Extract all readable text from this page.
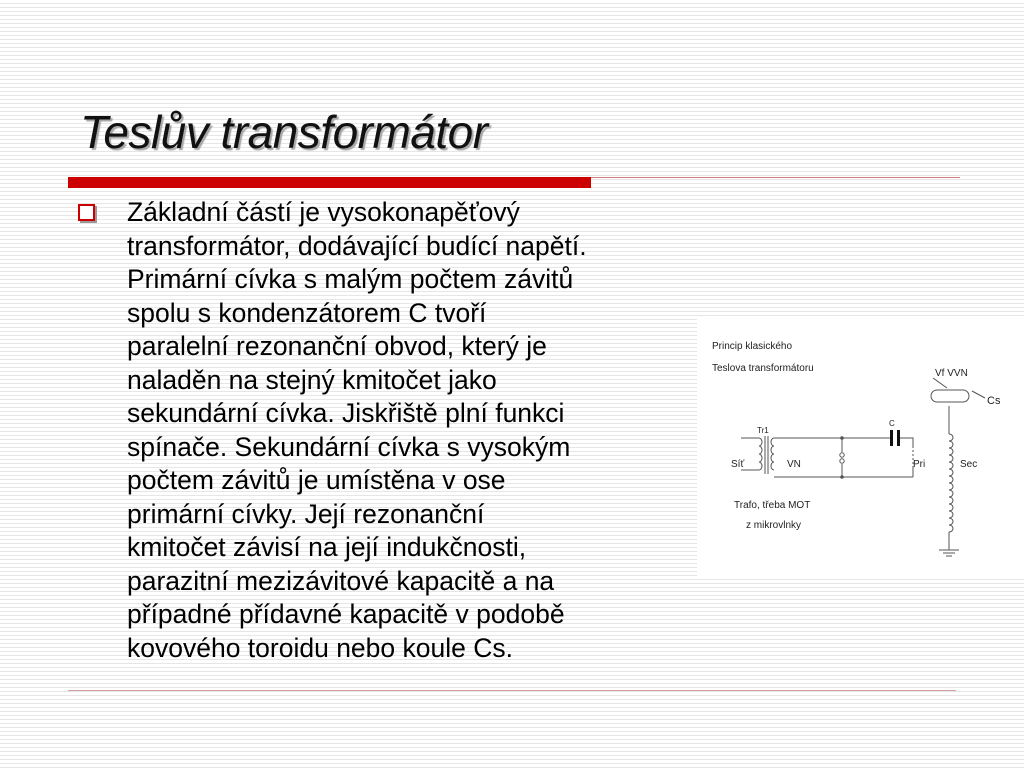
Teslův transformátor

Základní částí je vysokonapěťový
transformátor, dodávající budící napětí.
Primární cívka s malým počtem závitů
spolu s kondenzátorem C tvoří
paralelní rezonanční obvod, který je
naladěn na stejný kmitočet jako
sekundární cívka. Jiskřiště plní funkci
spínače. Sekundární cívka s vysokým
počtem závitů je umístěna v ose
primární cívky. Její rezonanční
kmitočet závisí na její indukčnosti,
parazitní mezizávitové kapacitě a na
případné přídavné kapacitě v podobě
kovového toroidu nebo koule Cs.

Princip klasického
Teslova transformátoru	Vf VVN
Cs
C
Tr1
Síť	VN	Pri	Sec
Trafo, třeba MOT
z mikrovlnky
